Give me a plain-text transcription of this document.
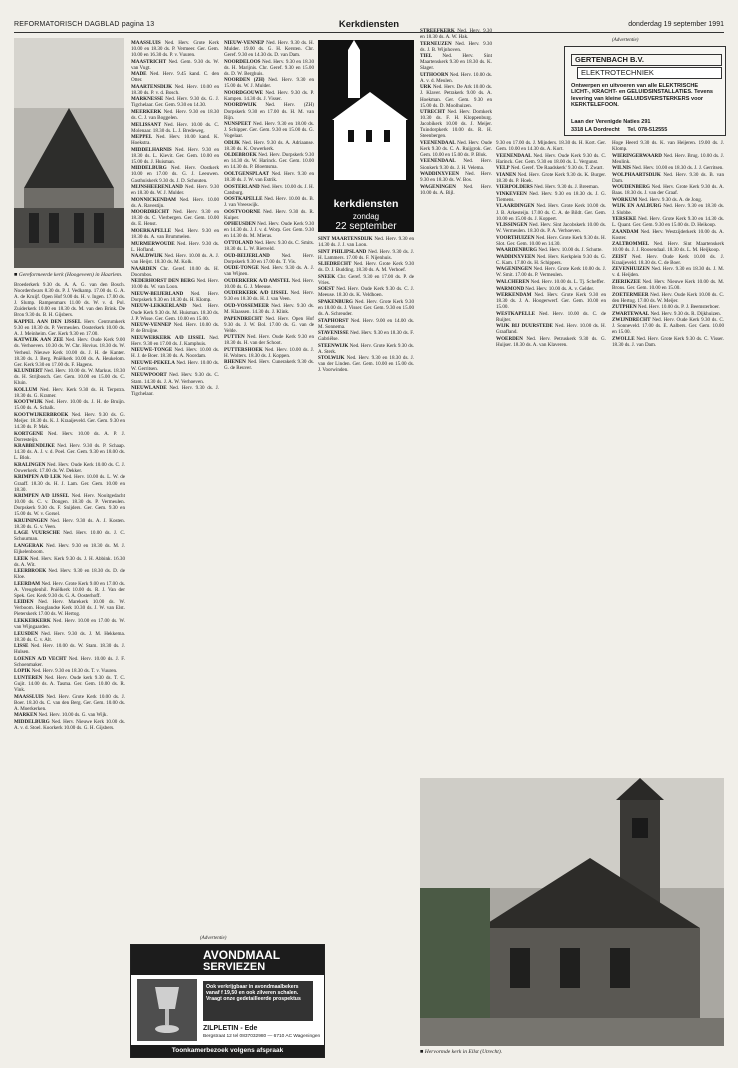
REFORMATORISCH DAGBLAD pagina 13	Kerkdiensten	donderdag 19 september 1991
■ Gereformeerde kerk (Hoogeveen) in Haarlem.

Broederkerk 9.30 ds. A. A. G. van den Bosch. Noorderdwars 8.30 ds. P. J. Vedkamp. 17.00 ds. G. A. A. de Kruijf. Open Hof 9.00 ds. H. v. Ingen. 17.00 ds. J. Slump. Rampenmars 11.00 ds. W. v. d. Pol. Zuiderkerk 10.00 en 18.30 ds. M. van den Brink. De Bron 9.30 ds. B. H. Gijsbers.

KAPPEL AAN DEN IJSSEL Herv. Centrumkerk 9.30 en 18.30 ds. P. Vermeulen. Oosterkerk 10.00 ds. A. J. Meinheim. Ger. Kerk 9.30 en 17.00.

KATWIJK AAN ZEE Ned. Herv. Oude Kerk 9.00 ds. Verhoeven. 10.30 ds. W. Chr. Hovius. 18.30 ds. W. Verheul. Nieuwe Kerk 10.00 ds. J. H. de Kanter. 18.30 ds. J. Berg. Pniëlkerk 10.00 ds. A. Heukelom. Ger. Kerk 9.30 en 17.00 ds. F. Hagens.

KLUNDERT Ned. Herv. 10.00 ds. W. Markus. 18.30 ds. H. Strijbosch. Ger. Gem. 10.00 en 15.00 ds. C. Kluin.

KOLLUM Ned. Herv. Kerk 9.30 ds. H. Terpstra. 18.30 ds. G. Kramer.

KOOTWIJK Ned. Herv. 10.00 ds. J. H. de Bruijn. 15.00 ds. A. Schalk.

KOOTWIJKERBROEK Ned. Herv. 9.30 ds. G. Meijer. 18.30 ds. K. J. Kraaijeveld. Ger. Gem. 9.30 en 14.30 ds. P. Mak.

KORTGENE Ned. Herv. 10.00 ds. A. P. J. Dorresteijn.

KRABBENDIJKE Ned. Herv. 9.30 ds. P. Schaap. 14.30 ds. A. J. v. d. Poel. Ger. Gem. 9.30 en 18.00 ds. L. Blok.

KRALINGEN Ned. Herv. Oude Kerk 10.00 ds. C. J. Ouwerkerk. 17.00 ds. W. Dekker.

KRIMPEN A/D LEK Ned. Herv. 10.00 ds. L. W. de Graaff. 18.30 ds. H. J. Lam. Ger. Gem. 10.00 en 18.30.

KRIMPEN A/D IJSSEL Ned. Herv. Nooitgedacht 10.00 ds. C. v. Dongen. 18.30 ds. P. Vermeulen. Dorpskerk 9.30 ds. F. Snijders. Ger. Gem. 9.30 en 15.00 ds. W. v. Gorsel.

KRUININGEN Ned. Herv. 9.30 ds. A. J. Kosten. 18.30 ds. G. v. Veen.

LAGE VUURSCHE Ned. Herv. 10.00 ds. J. C. Schuurman.

LANGERAK Ned. Herv. 9.30 en 18.30 ds. M. J. Eijkelenboom.

LEEK Ned. Herv. Kerk 9.30 ds. J. H. Abbink. 16.30 ds. A. Wit.

LEERBROEK Ned. Herv. 9.30 en 18.30 ds. D. de Kloe.

LEERDAM Ned. Herv. Grote Kerk 9.00 en 17.00 ds. A. Vreugdenhil. Pniëlkerk 10.00 ds. R. J. Van der Spek. Ger. Kerk 9.30 ds. G. A. Oosterhoff.

LEIDEN Ned. Herv. Marekerk 10.00 ds. W. Verboom. Hooglandse Kerk 10.30 ds. J. W. van Elst. Pieterskerk 17.00 ds. W. Hertog.

LEKKERKERK Ned. Herv. 10.00 en 17.00 ds. W. van Wijngaarden.

LEUSDEN Ned. Herv. 9.30 ds. J. M. Hekkema. 18.30 ds. C. v. Alt.

LISSE Ned. Herv. 10.00 ds. W. Stam. 18.30 ds. J. Hulsen.

LOENEN A/D VECHT Ned. Herv. 10.00 ds. J. F. Schoenmaker.

LOPIK Ned. Herv. 9.30 en 18.30 ds. T. v. Vuuren.

LUNTEREN Ned. Herv. Oude kerk 9.30 ds. T. C. Gujit. 14.00 ds. A. Tasma. Ger. Gem. 10.00 ds. R. Vink.

MAASSLUIS Ned. Herv. Grote Kerk 10.00 ds. J. Boer. 18.30 ds. C. van den Berg. Ger. Gem. 10.00 ds. A. Moerkerken.

MARKEN Ned. Herv. 10.00 ds. G. van Wijk.

MIDDELBURG Ned. Herv. Nieuwe Kerk 10.00 ds. A. v. d. Stoel. Koorkerk 10.00 ds. G. H. Gijsbers.

MAASSLUIS Ned. Herv. Grote Kerk 10.00 en 18.30 ds. P. Vermeer. Ger. Gem. 10.00 en 16.30 ds. P. v. Vuuren.

MAASTRICHT Ned. Gem. 9.30 ds. W. van Vugt.

MADE Ned. Herv. 9.45 kand. C. den Otter.

MAARTENSDIJK Ned. Herv. 10.00 en 18.30 ds. P. v. d. Bosch.

MARKNESSE Ned. Herv. 9.30 ds. G. J. Tigchelaar. Ger. Gem. 9.30 en 14.30.

MEERKERK Ned. Herv. 9.30 en 18.30 ds. C. J. van Boggelen.

MELISSANT Ned. Herv. 10.00 ds. C. Molenaar. 18.30 ds. L. J. Bredeweg.

MEPPEL Ned. Herv. 10.00 kand. K. Hoekstra.

MIDDELHARNIS Ned. Herv. 9.30 en 18.30 ds. L. Kievit. Ger. Gem. 10.00 en 15.00 ds. J. Huisman.

MIDDELBURG Ned. Herv. Oostkerk 10.00 en 17.00 ds. G. J. Leeuwen. Gasthuiskerk 9.30 ds. J. D. Schouten.

MIJNSHEERENLAND Ned. Herv. 9.30 en 18.30 ds. W. J. Mulder.

MONNICKENDAM Ned. Herv. 10.00 ds. A. Ravestijn.

MOORDRECHT Ned. Herv. 9.30 en 18.30 ds. C. Vierbergen. Ger. Gem. 10.00 ds. E. Henst.

MOERKAPELLE Ned. Herv. 9.30 en 18.30 ds. A. van Brummelen.

MURMERWOUDE Ned. Herv. 9.30 ds. L. Hofland.

NAALDWIJK Ned. Herv. 10.00 ds. A. J. van Heijst. 18.30 ds. M. Kolk.

NAARDEN Chr. Geref. 10.00 ds. H. Doornbos.

NEDERHORST DEN BERG Ned. Herv. 10.00 ds. W. van Loon.

NIEUW-BEIJERLAND Ned. Herv. Dorpskerk 9.30 en 18.30 ds. H. Klomp.

NIEUW-LEKKERLAND Ned. Herv. Oude Kerk 9.30 ds. M. Huisman. 18.30 ds. J. P. Wisse. Ger. Gem. 10.00 en 15.00.

NIEUW-VENNEP Ned. Herv. 10.00 ds. P. de Bruijne.

NIEUWERKERK A/D IJSSEL Ned. Herv. 9.30 en 17.00 ds. J. Kamphuis.

NIEUWE-TONGE Ned. Herv. 10.00 ds. H. J. de Boer. 18.30 ds. A. Noordam.

NIEUWE-PEKELA Ned. Herv. 10.00 ds. W. Gerritsen.

NIEUWPOORT Ned. Herv. 9.30 ds. C. Stam. 14.30 ds. J. A. W. Verhoeven.

NIEUWLANDE Ned. Herv. 9.30 ds. J. Tigchelaar.

NIEUW-VENNEP Ned. Herv. 9.30 ds. H. Mulder. 19.00 ds. G. H. Kersten. Chr. Geref. 9.30 en 14.30 ds. D. van Dam.

NOORDELOOS Ned. Herv. 9.30 en 18.30 ds. H. Marijnis. Chr. Geref. 9.30 en 15.00 ds. D. W. Berghuis.

NOORDEN (ZH) Ned. Herv. 9.30 en 15.00 ds. W. J. Mulder.

NOORDGOUWE Ned. Herv. 9.30 ds. P. Kampen. 14.30 ds. J. Visser.

NOORDWIJK Ned. Herv. (ZH) Dorpskerk 9.30 en 17.00 ds. H. M. van Rijn.

NUNSPEET Ned. Herv. 9.30 en 18.00 ds. J. Schipper. Ger. Gem. 9.30 en 15.00 ds. G. Vogelaar.

ODIJK Ned. Herv. 9.30 ds. A. Adriaanse. 18.30 ds. K. Ouwerkerk.

OLDEBROEK Ned. Herv. Dorpskerk 9.30 en 14.30 ds. W. Harinck. Ger. Gem. 10.00 en 14.30 ds. P. Bloemsma.

OOLTGENSPLAAT Ned. Herv. 9.30 en 18.30 ds. J. W. van Estrik.

OOSTERLAND Ned. Herv. 10.00 ds. J. H. Catsburg.

OOSTKAPELLE Ned. Herv. 10.00 ds. B. J. van Vreeswijk.

OOSTVOORNE Ned. Herv. 9.30 ds. R. Kuiper.

OPHEUSDEN Ned. Herv. Oude Kerk 9.30 en 14.30 ds. J. J. v. d. Worp. Ger. Gem. 9.30 en 14.30 ds. M. Mieras.

OTTOLAND Ned. Herv. 9.30 ds. C. Smits. 18.30 ds. L. W. Rietveld.

OUD-BEIJERLAND Ned. Herv. Dorpskerk 9.30 en 17.00 ds. T. Vis.

OUDE-TONGE Ned. Herv. 9.30 ds. A. J. van Wijnen.

OUDERKERK A/D AMSTEL Ned. Herv. 10.00 ds. G. J. Meeuse.

OUDERKERK A/D IJSSEL Ned. Herv. 9.30 en 18.30 ds. H. J. van Veen.

OUD-VOSSEMEER Ned. Herv. 9.30 ds. M. Klaassen. 14.30 ds. J. Klink.

PAPENDRECHT Ned. Herv. Open Hof 9.30 ds. J. W. Bol. 17.00 ds. G. van de Velde.

PUTTEN Ned. Herv. Oude Kerk 9.30 en 18.30 ds. H. van der Schoot.

PUTTERSHOEK Ned. Herv. 10.00 ds. J. H. Wolters. 18.30 ds. J. Koppen.

RHENEN Ned. Herv. Cunerakerk 9.30 ds. G. de Reuver.

kerkdiensten
zondag
22 september

SINT MAARTENSDIJK Ned. Herv. 9.30 en 14.30 ds. J. J. van Loon.

SINT PHILIPSLAND Ned. Herv. 9.30 ds. J. H. Lammers. 17.00 ds. F. Nijenhuis.

SLIEDRECHT Ned. Herv. Grote Kerk 9.30 ds. D. J. Budding. 18.30 ds. A. M. Verhoef.

SNEEK Chr. Geref. 9.30 en 17.00 ds. P. de Vries.

SOEST Ned. Herv. Oude Kerk 9.30 ds. C. J. Meeuse. 18.30 ds. K. Veldhoen.

SPAKENBURG Ned. Herv. Grote Kerk 9.30 en 18.00 ds. J. Visser. Ger. Gem. 9.30 en 15.00 ds. A. Schreuder.

STAPHORST Ned. Herv. 9.00 en 14.00 ds. M. Sonnema.

STAVENISSE Ned. Herv. 9.30 en 18.30 ds. F. Gabriëlse.

STEENWIJK Ned. Herv. Grote Kerk 9.30 ds. A. Sterk.

STOLWIJK Ned. Herv. 9.30 en 18.30 ds. J. van der Linden. Ger. Gem. 10.00 en 15.00 ds. J. Voorwinden.

STREEFKERK Ned. Herv. 9.30 en 18.30 ds. A. W. Hak.

TERNEUZEN Ned. Herv. 9.30 ds. J. B. Wijnhoven.

TIEL Ned. Herv. Sint Maartenskerk 9.30 en 18.30 ds. K. Slager.

UITHOORN Ned. Herv. 10.00 ds. A. v. d. Meulen.

URK Ned. Herv. De Ark 10.00 ds. J. Klaver. Petrakerk 9.00 ds. A. Hoekman. Ger. Gem. 9.30 en 15.00 ds. D. Moolhuizen.

UTRECHT Ned. Herv. Domkerk 10.30 ds. F. H. Kloppenburg. Jacobikerk 10.00 ds. J. Meijer. Tuindorpkerk 10.00 ds. R. H. Steenbergen.

VEENENDAAL Ned. Herv. Oude Kerk 9.30 ds. C. A. Ruijgrok. Ger. Gem. 10.00 en 15.00 ds. P. Blok.

VEENENDAAL Ned. Herv. Sionkerk 9.30 ds. J. H. Velema.

WADDINXVEEN Ned. Herv. 9.30 en 18.30 ds. W. Bos.

WAGENINGEN Ned. Herv. 10.00 ds. A. Bijl.

(Advertentie)
GERTENBACH B.V.
ELEKTROTECHNIEK
Ontwerpen en uitvoeren van alle ELEKTRISCHE LICHT-, KRACHT- en GELUIDSINSTALLATIES. Tevens levering van kleine GELUIDSVERSTERKERS voor KERKTELEFOON.
Laan der Verenigde Naties 291
3318 LA Dordrecht Tel. 078-512555

9.30 en 17.00 ds. J. Mijnders. 18.30 ds. H. Kort. Ger. Gem. 10.00 en 14.30 ds. A. Kort.

VEENENDAAL Ned. Herv. Oude Kerk 9.30 ds. C. Harinck. Ger. Gem. 9.30 en 18.00 ds. L. Vergunst.

VELP Ned. Geref. 'De Raadskerk' 9.30 ds. T. Zwart.

VIANEN Ned. Herv. Grote Kerk 9.30 ds. K. Burger. 18.30 ds. P. Hoek.

VIERPOLDERS Ned. Herv. 9.30 ds. J. Breeman.

VINKEVEEN Ned. Herv. 9.30 en 18.30 ds. J. G. Tiemens.

VLAARDINGEN Ned. Herv. Grote Kerk 10.00 ds. J. B. Arkesteijn. 17.00 ds. C. A. de Bildt. Ger. Gem. 10.00 en 15.00 ds. J. Koppert.

VLISSINGEN Ned. Herv. Sint Jacobskerk 10.00 ds. W. Vermeulen. 18.30 ds. P. A. Verhoeven.

VOORTHUIZEN Ned. Herv. Grote Kerk 9.30 ds. H. Slot. Ger. Gem. 10.00 en 14.30.

WAARDENBURG Ned. Herv. 10.00 ds. J. Schutte.

WADDINXVEEN Ned. Herv. Kerkplein 9.30 ds. G. C. Kam. 17.00 ds. H. Schippers.

WAGENINGEN Ned. Herv. Grote Kerk 10.00 ds. J. W. Smit. 17.00 ds. P. Vermeulen.

WALCHEREN Ned. Herv. 10.00 ds. L. Tj. Scheffer.

WARMOND Ned. Herv. 10.00 ds. A. v. Gelder.

WERKENDAM Ned. Herv. Grote Kerk 9.30 en 18.30 ds. J. A. Hoogerwerf. Ger. Gem. 10.00 en 15.00.

WESTKAPELLE Ned. Herv. 10.00 ds. C. de Ruijter.

WIJK BIJ DUURSTEDE Ned. Herv. 10.00 ds. H. Graafland.

WOERDEN Ned. Herv. Petruskerk 9.30 ds. G. Huijser. 18.30 ds. A. van Klaveren.

Hoge Heerd 9.30 ds. K. van Heijeren. 19.00 ds. J. Klomp.

WIERINGERWAARD Ned. Herv. Brug. 10.00 ds. J. Meulink.

WILNIS Ned. Herv. 10.00 en 18.30 ds. J. J. Gerritsen.

WOLPHAARTSDIJK Ned. Herv. 9.30 ds. B. van Dam.

WOUDENBERG Ned. Herv. Grote Kerk 9.30 ds. A. Baas. 18.30 ds. J. van der Graaf.

WORKUM Ned. Herv. 9.30 ds. A. de Jong.

WIJK EN AALBURG Ned. Herv. 9.30 en 18.30 ds. J. Slobbe.

YERSEKE Ned. Herv. Grote Kerk 9.30 en 14.30 ds. L. Quant. Ger. Gem. 9.30 en 15.00 ds. D. Heikoop.

ZAANDAM Ned. Herv. Westzijderkerk 10.00 ds. A. Koster.

ZALTBOMMEL Ned. Herv. Sint Maartenskerk 10.00 ds. J. J. Roosendaal. 18.30 ds. L. M. Heijkoop.

ZEIST Ned. Herv. Oude Kerk 10.00 ds. J. Kraaijeveld. 18.30 ds. C. de Boer.

ZEVENHUIZEN Ned. Herv. 9.30 en 18.30 ds. J. M. v. d. Heijden.

ZIERIKZEE Ned. Herv. Nieuwe Kerk 10.00 ds. M. Brons. Ger. Gem. 10.00 en 15.00.

ZOETERMEER Ned. Herv. Oude Kerk 10.00 ds. C. den Hertog. 17.00 ds. W. Meijer.

ZUTPHEN Ned. Herv. 10.00 ds. P. J. Beemsterboer.

ZWARTEWAAL Ned. Herv. 9.30 ds. R. Dijkhuizen.

ZWIJNDRECHT Ned. Herv. Oude Kerk 9.30 ds. C. J. Sonneveld. 17.00 ds. E. Aalbers. Ger. Gem. 10.00 en 15.00.

ZWOLLE Ned. Herv. Grote Kerk 9.30 ds. C. Visser. 18.30 ds. J. van Dam.

(Advertentie)
AVONDMAAL
SERVIEZEN
Ook verkrijgbaar in avondmaalbekers vanaf f 19,50 en ook zilveren schalen. Vraagt onze gedetailleerde prospektus
ZILPLETIN - Ede
Bergstraat 12 tel 0837032980 — 6710 AC Wageningen
Toonkamerbezoek volgens afspraak	■ Hervormde kerk in Ellst (Utrecht).
